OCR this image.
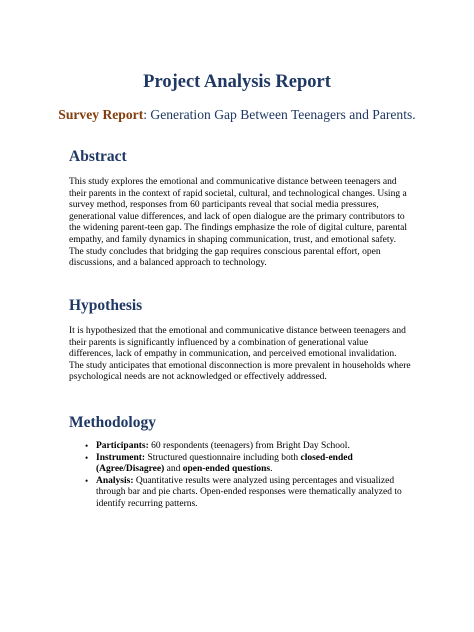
Project Analysis Report

Survey Report: Generation Gap Between Teenagers and Parents.

Abstract

This study explores the emotional and communicative distance between teenagers and
their parents in the context of rapid societal, cultural, and technological changes. Using a
survey method, responses from 60 participants reveal that social media pressures,
generational value differences, and lack of open dialogue are the primary contributors to
the widening parent-teen gap. The findings emphasize the role of digital culture, parental
empathy, and family dynamics in shaping communication, trust, and emotional safety.
The study concludes that bridging the gap requires conscious parental effort, open
discussions, and a balanced approach to technology.

Hypothesis

It is hypothesized that the emotional and communicative distance between teenagers and
their parents is significantly influenced by a combination of generational value
differences, lack of empathy in communication, and perceived emotional invalidation.
The study anticipates that emotional disconnection is more prevalent in households where
psychological needs are not acknowledged or effectively addressed.

Methodology
• Participants: 60 respondents (teenagers) from Bright Day School.
• Instrument: Structured questionnaire including both closed-ended
(Agree/Disagree) and open-ended questions.
• Analysis: Quantitative results were analyzed using percentages and visualized
through bar and pie charts. Open-ended responses were thematically analyzed to
identify recurring patterns.
